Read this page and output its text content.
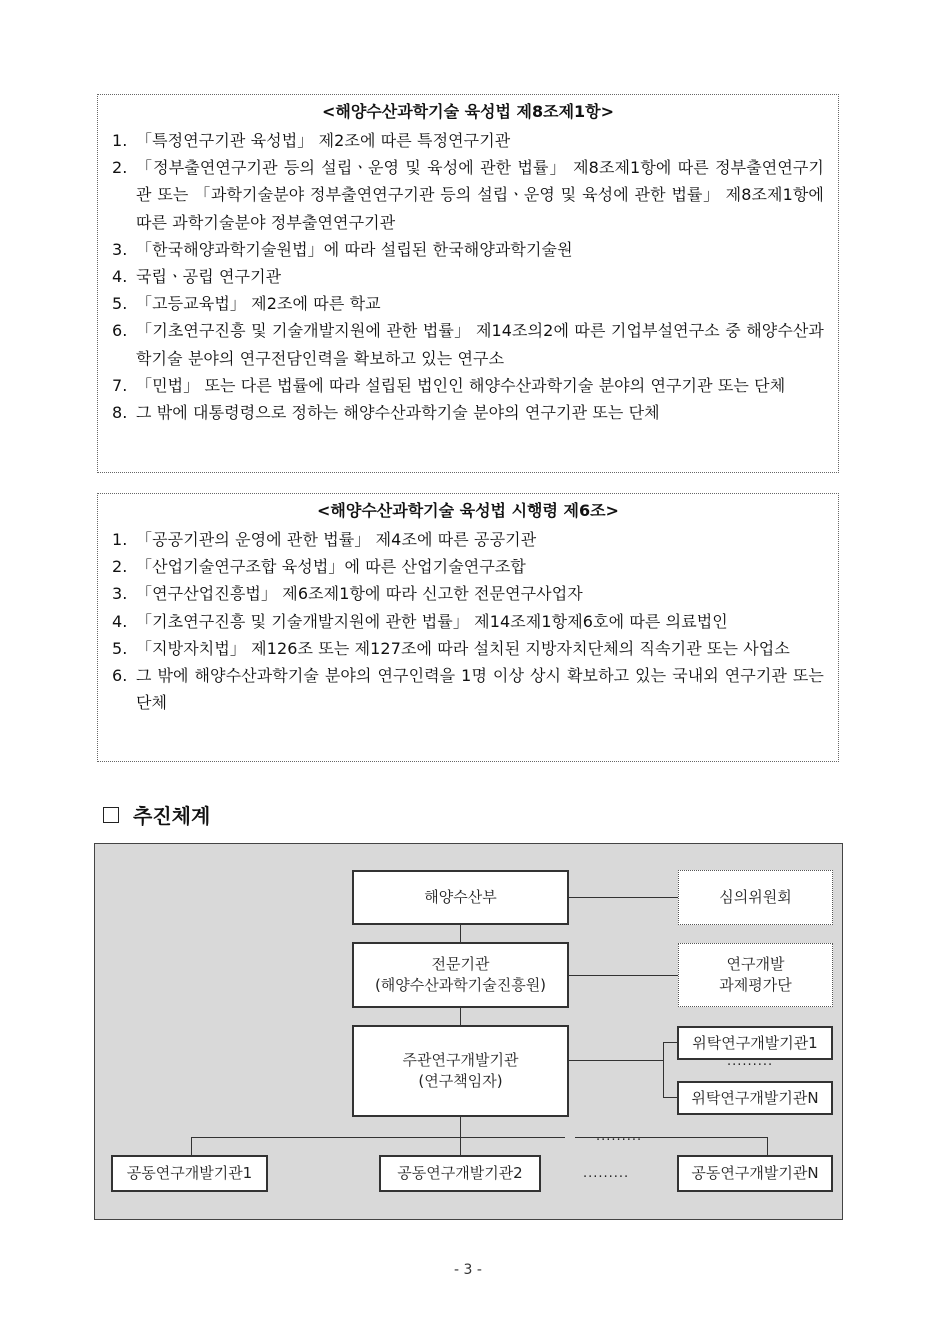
<해양수산과학기술 육성법 제8조제1항>
1. 「특정연구기관 육성법」 제2조에 따른 특정연구기관
2. 「정부출연연구기관 등의 설립ㆍ운영 및 육성에 관한 법률」 제8조제1항에 따른 정부출연연구기관 또는 「과학기술분야 정부출연연구기관 등의 설립ㆍ운영 및 육성에 관한 법률」 제8조제1항에 따른 과학기술분야 정부출연연구기관
3. 「한국해양과학기술원법」에 따라 설립된 한국해양과학기술원
4. 국립ㆍ공립 연구기관
5. 「고등교육법」 제2조에 따른 학교
6. 「기초연구진흥 및 기술개발지원에 관한 법률」 제14조의2에 따른 기업부설연구소 중 해양수산과학기술 분야의 연구전담인력을 확보하고 있는 연구소
7. 「민법」 또는 다른 법률에 따라 설립된 법인인 해양수산과학기술 분야의 연구기관 또는 단체
8. 그 밖에 대통령령으로 정하는 해양수산과학기술 분야의 연구기관 또는 단체
<해양수산과학기술 육성법 시행령 제6조>
1. 「공공기관의 운영에 관한 법률」 제4조에 따른 공공기관
2. 「산업기술연구조합 육성법」에 따른 산업기술연구조합
3. 「연구산업진흥법」 제6조제1항에 따라 신고한 전문연구사업자
4. 「기초연구진흥 및 기술개발지원에 관한 법률」 제14조제1항제6호에 따른 의료법인
5. 「지방자치법」 제126조 또는 제127조에 따라 설치된 지방자치단체의 직속기관 또는 사업소
6. 그 밖에 해양수산과학기술 분야의 연구인력을 1명 이상 상시 확보하고 있는 국내외 연구기관 또는 단체
추진체계
해양수산부	심의위원회
전문기관
(해양수산과학기술진흥원)
연구개발
과제평가단
주관연구개발기관
(연구책임자)
위탁연구개발기관1
.........
위탁연구개발기관N
.........
공동연구개발기관1	공동연구개발기관2	.........	공동연구개발기관N
- 3 -
